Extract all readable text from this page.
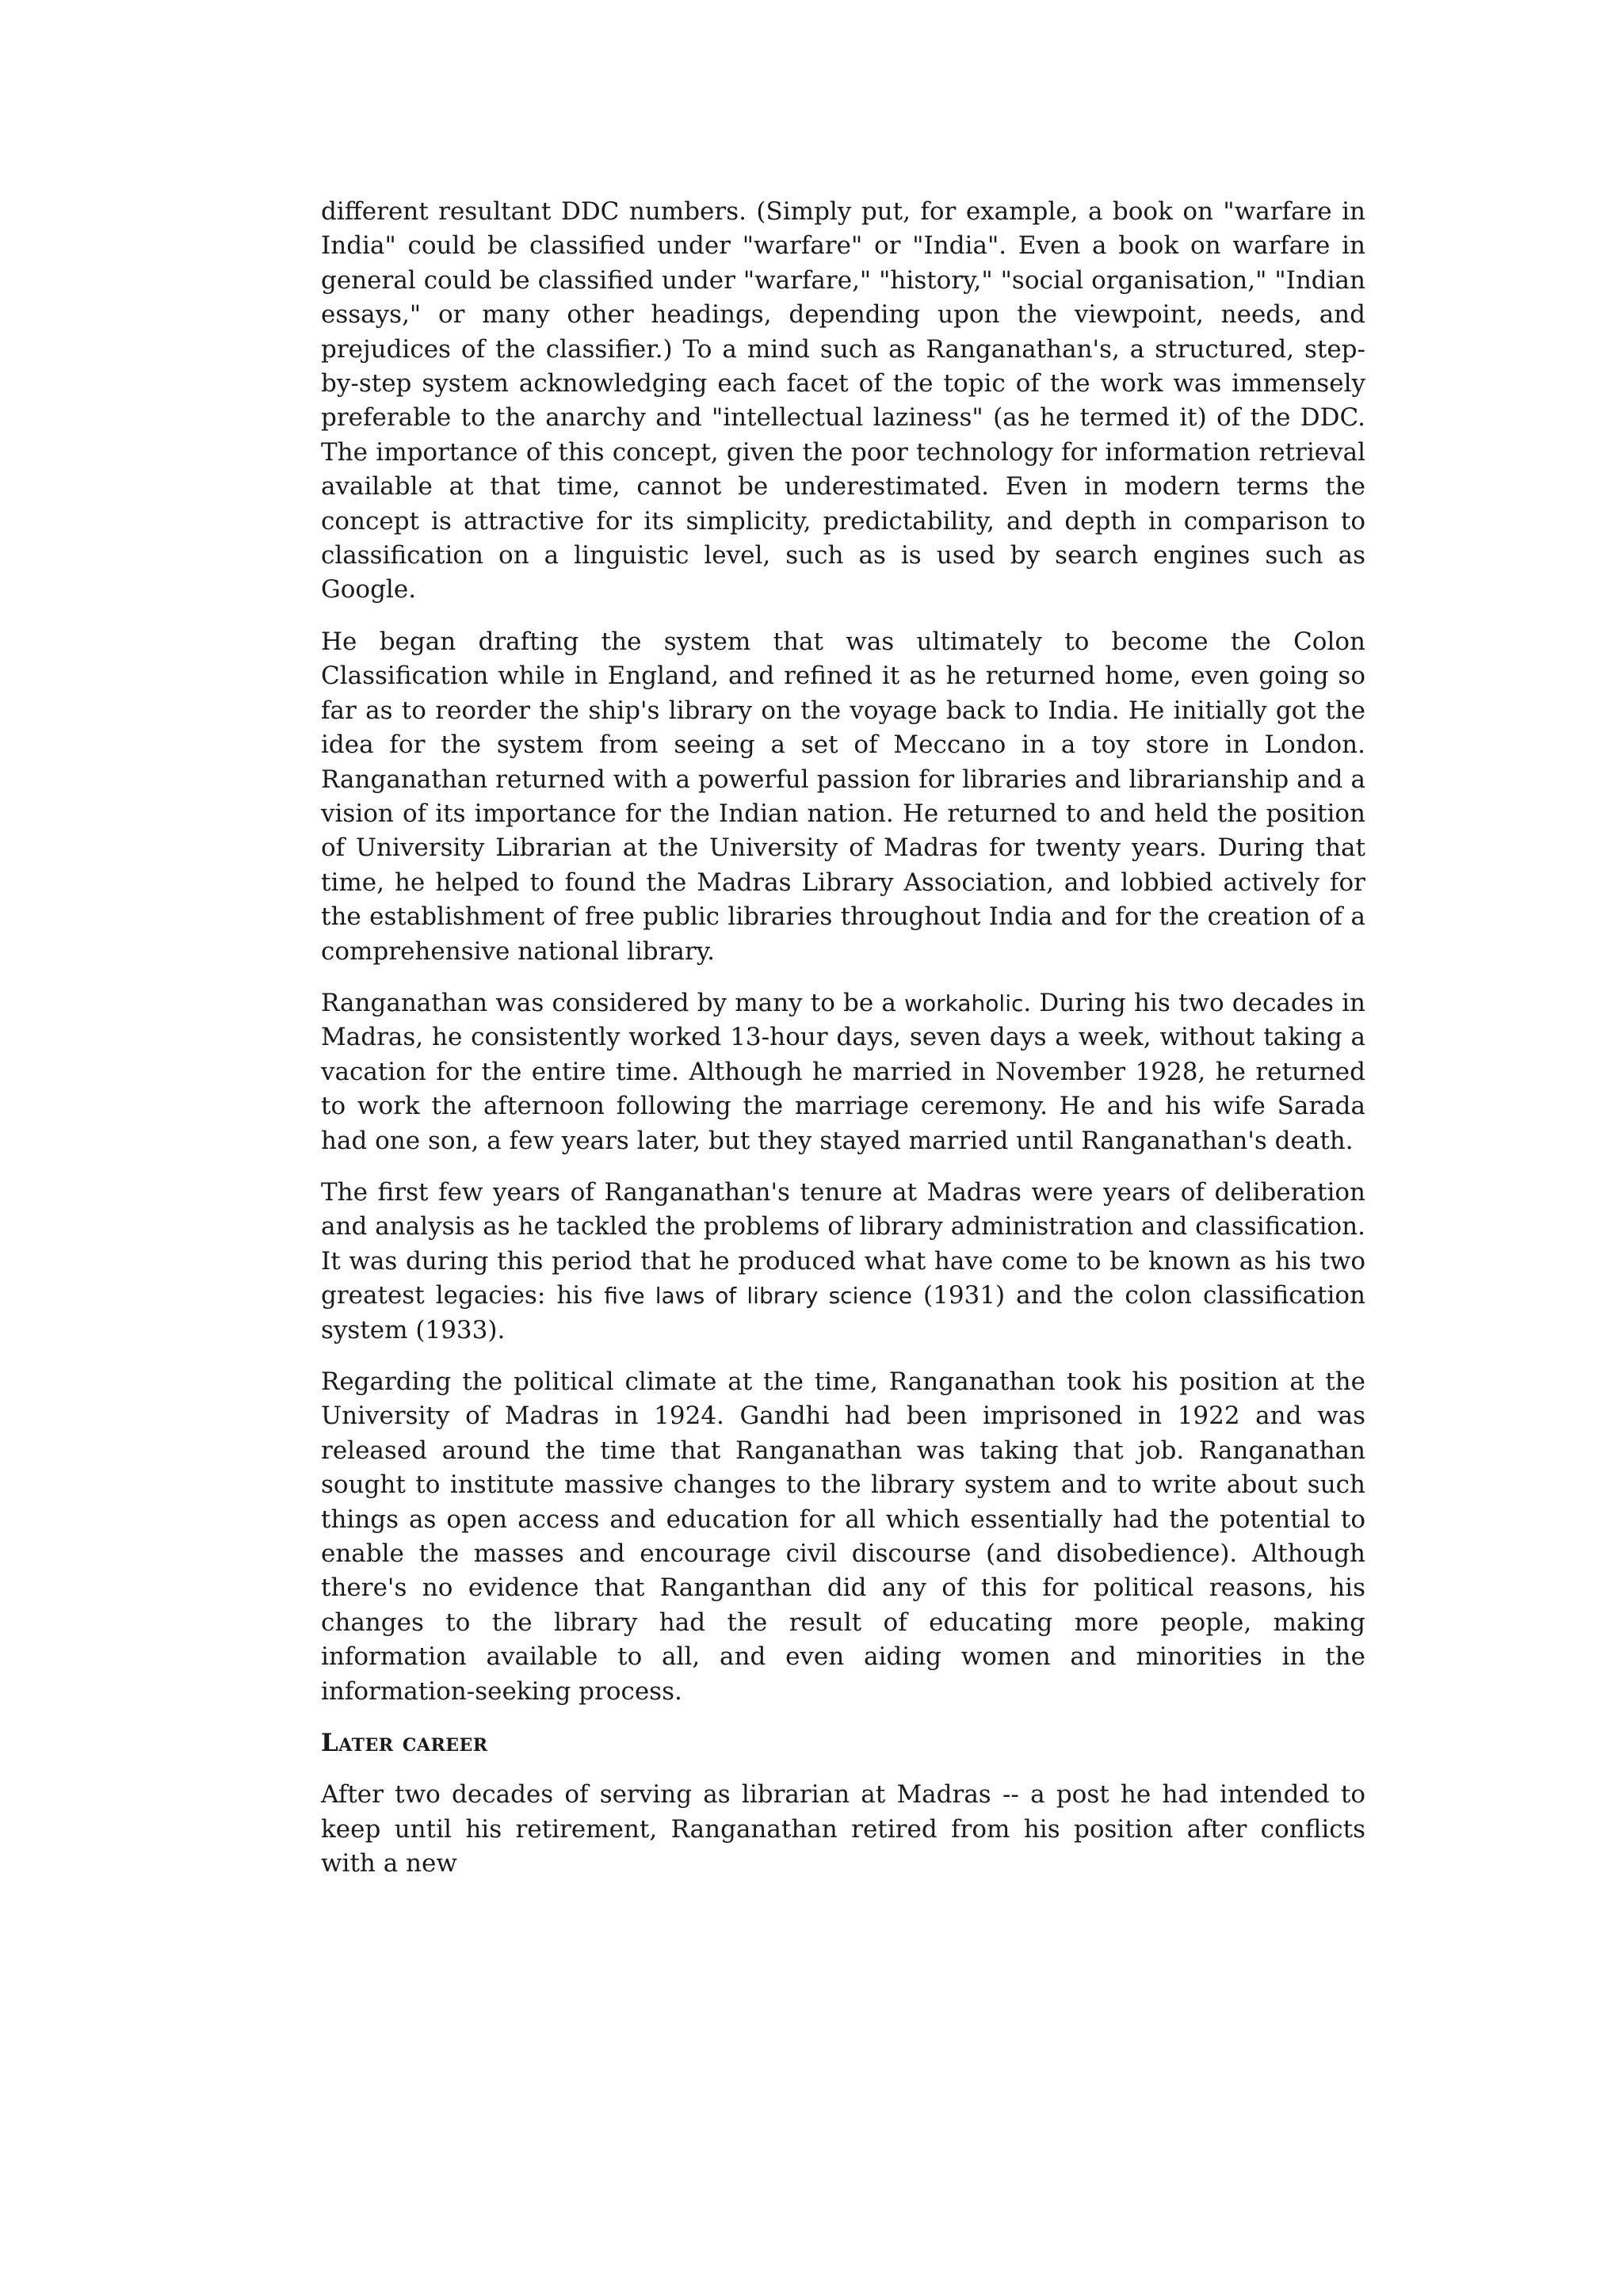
different resultant DDC numbers. (Simply put, for example, a book on "warfare in India" could be classified under "warfare" or "India". Even a book on warfare in general could be classified under "warfare," "history," "social organisation," "Indian essays," or many other headings, depending upon the viewpoint, needs, and prejudices of the classifier.) To a mind such as Ranganathan's, a structured, step-by-step system acknowledging each facet of the topic of the work was immensely preferable to the anarchy and "intellectual laziness" (as he termed it) of the DDC. The importance of this concept, given the poor technology for information retrieval available at that time, cannot be underestimated. Even in modern terms the concept is attractive for its simplicity, predictability, and depth in comparison to classification on a linguistic level, such as is used by search engines such as Google.

He began drafting the system that was ultimately to become the Colon Classification while in England, and refined it as he returned home, even going so far as to reorder the ship's library on the voyage back to India. He initially got the idea for the system from seeing a set of Meccano in a toy store in London. Ranganathan returned with a powerful passion for libraries and librarianship and a vision of its importance for the Indian nation. He returned to and held the position of University Librarian at the University of Madras for twenty years. During that time, he helped to found the Madras Library Association, and lobbied actively for the establishment of free public libraries throughout India and for the creation of a comprehensive national library.

Ranganathan was considered by many to be a workaholic. During his two decades in Madras, he consistently worked 13-hour days, seven days a week, without taking a vacation for the entire time. Although he married in November 1928, he returned to work the afternoon following the marriage ceremony. He and his wife Sarada had one son, a few years later, but they stayed married until Ranganathan's death.

The first few years of Ranganathan's tenure at Madras were years of deliberation and analysis as he tackled the problems of library administration and classification. It was during this period that he produced what have come to be known as his two greatest legacies: his five laws of library science (1931) and the colon classification system (1933).

Regarding the political climate at the time, Ranganathan took his position at the University of Madras in 1924. Gandhi had been imprisoned in 1922 and was released around the time that Ranganathan was taking that job. Ranganathan sought to institute massive changes to the library system and to write about such things as open access and education for all which essentially had the potential to enable the masses and encourage civil discourse (and disobedience). Although there's no evidence that Ranganthan did any of this for political reasons, his changes to the library had the result of educating more people, making information available to all, and even aiding women and minorities in the information-seeking process.

Later career

After two decades of serving as librarian at Madras -- a post he had intended to keep until his retirement, Ranganathan retired from his position after conflicts with a new
